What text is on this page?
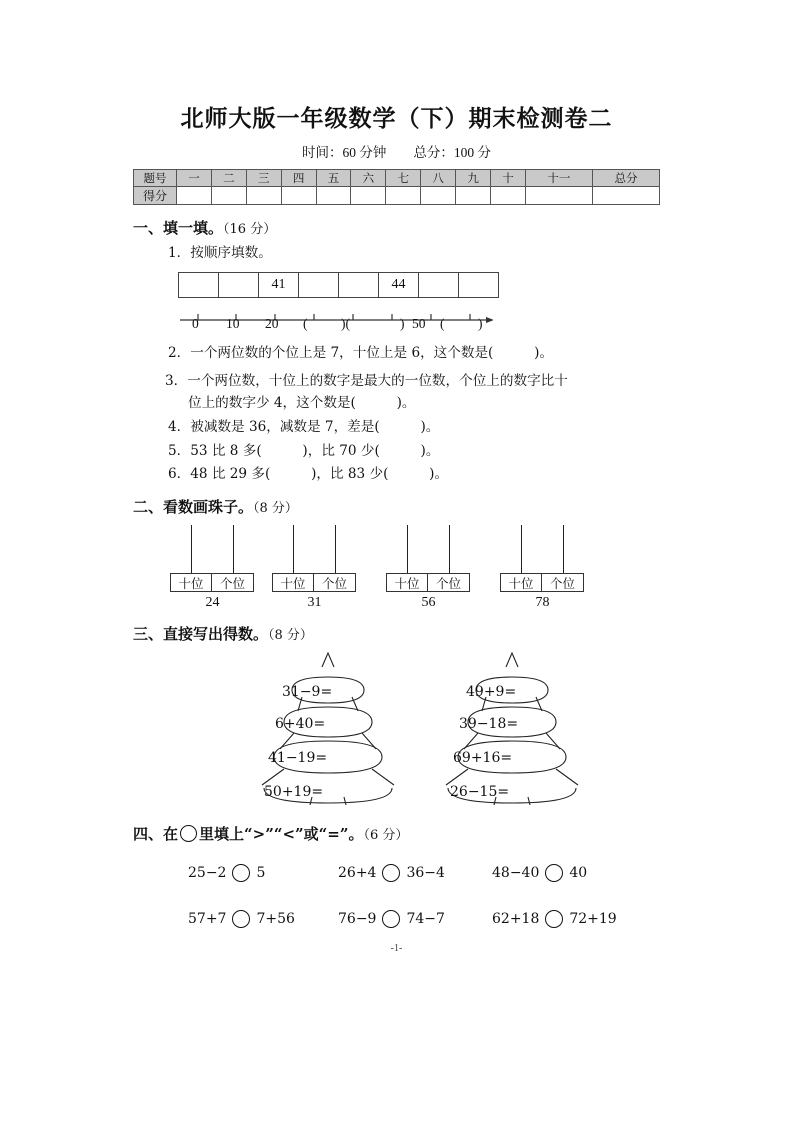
北师大版一年级数学（下）期末检测卷二
时间：60 分钟　　总分：100 分
题号	一	二	三	四	五	六	七	八	九	十	十一	总分
得分												
一、填一填。（16 分）
1．按顺序填数。
		41			44		
0 10 20 ( )(	) 50 ( )
2．一个两位数的个位上是 7，十位上是 6，这个数是(　　　)。
3．一个两位数，十位上的数字是最大的一位数，个位上的数字比十
位上的数字少 4，这个数是(　　　)。
4．被减数是 36，减数是 7，差是(　　　)。
5．53 比 8 多(　　　)，比 70 少(　　　)。
6．48 比 29 多(　　　)，比 83 少(　　　)。
二、看数画珠子。（8 分）
十位	个位
24
十位	个位
31
十位	个位
56
十位	个位
78
三、直接写出得数。（8 分）
31−9=
6+40=
41−19=
50+19=
49+9=
39−18=
69+16=
26−15=
四、在 里填上“>”“<”或“=”。（6 分）
25−2 5	26+4 36−4	48−40 40
57+7 7+56	76−9 74−7	62+18 72+19
-1-
